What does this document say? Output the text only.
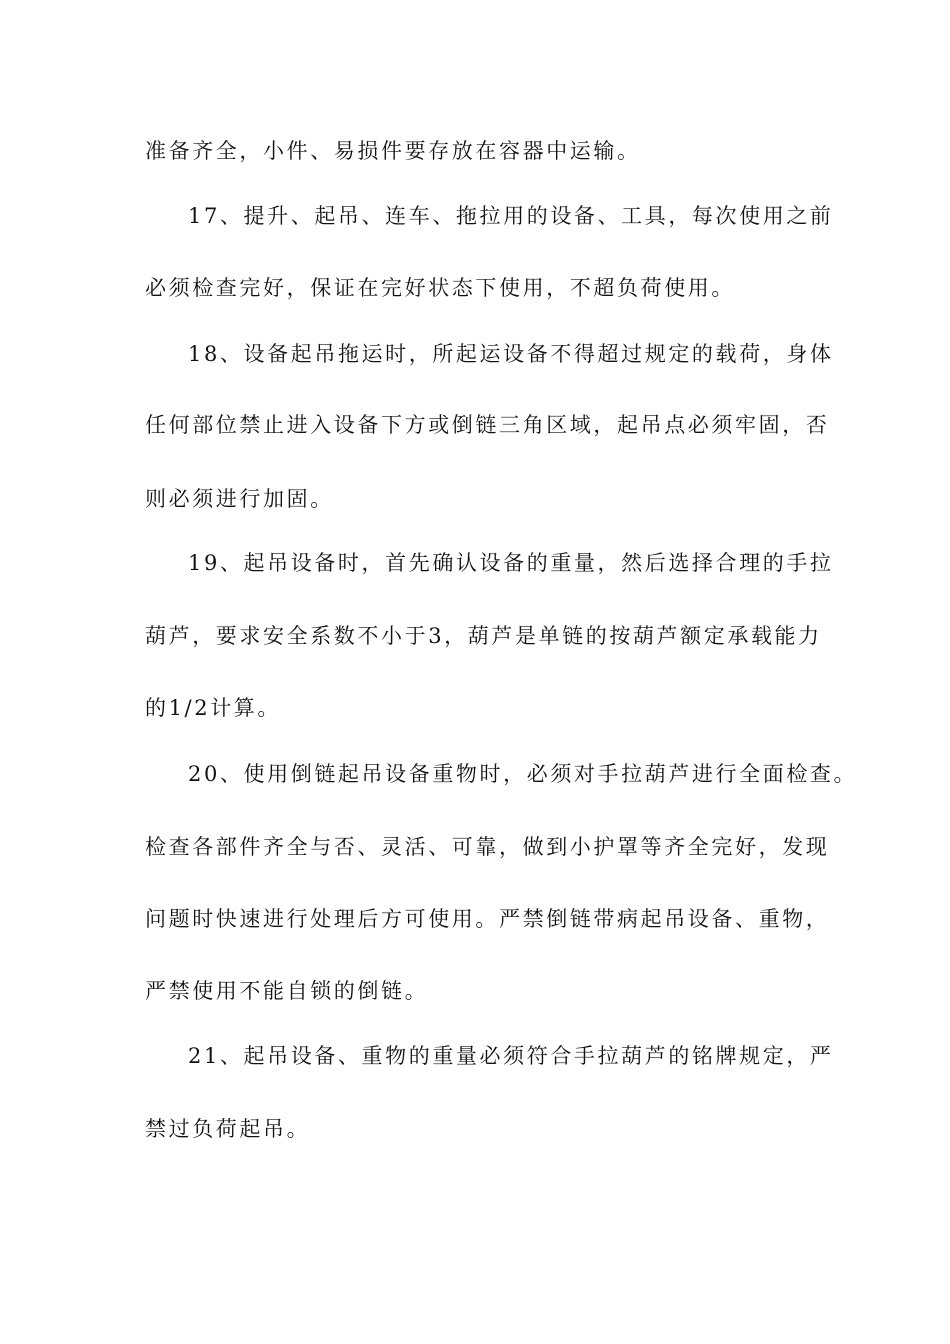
准备齐全，小件、易损件要存放在容器中运输。
17、提升、起吊、连车、拖拉用的设备、工具，每次使用之前
必须检查完好，保证在完好状态下使用，不超负荷使用。
18、设备起吊拖运时，所起运设备不得超过规定的载荷，身体
任何部位禁止进入设备下方或倒链三角区域，起吊点必须牢固，否
则必须进行加固。
19、起吊设备时，首先确认设备的重量，然后选择合理的手拉
葫芦，要求安全系数不小于3，葫芦是单链的按葫芦额定承载能力
的1/2计算。
20、使用倒链起吊设备重物时，必须对手拉葫芦进行全面检查。
检查各部件齐全与否、灵活、可靠，做到小护罩等齐全完好，发现
问题时快速进行处理后方可使用。严禁倒链带病起吊设备、重物，
严禁使用不能自锁的倒链。
21、起吊设备、重物的重量必须符合手拉葫芦的铭牌规定，严
禁过负荷起吊。
